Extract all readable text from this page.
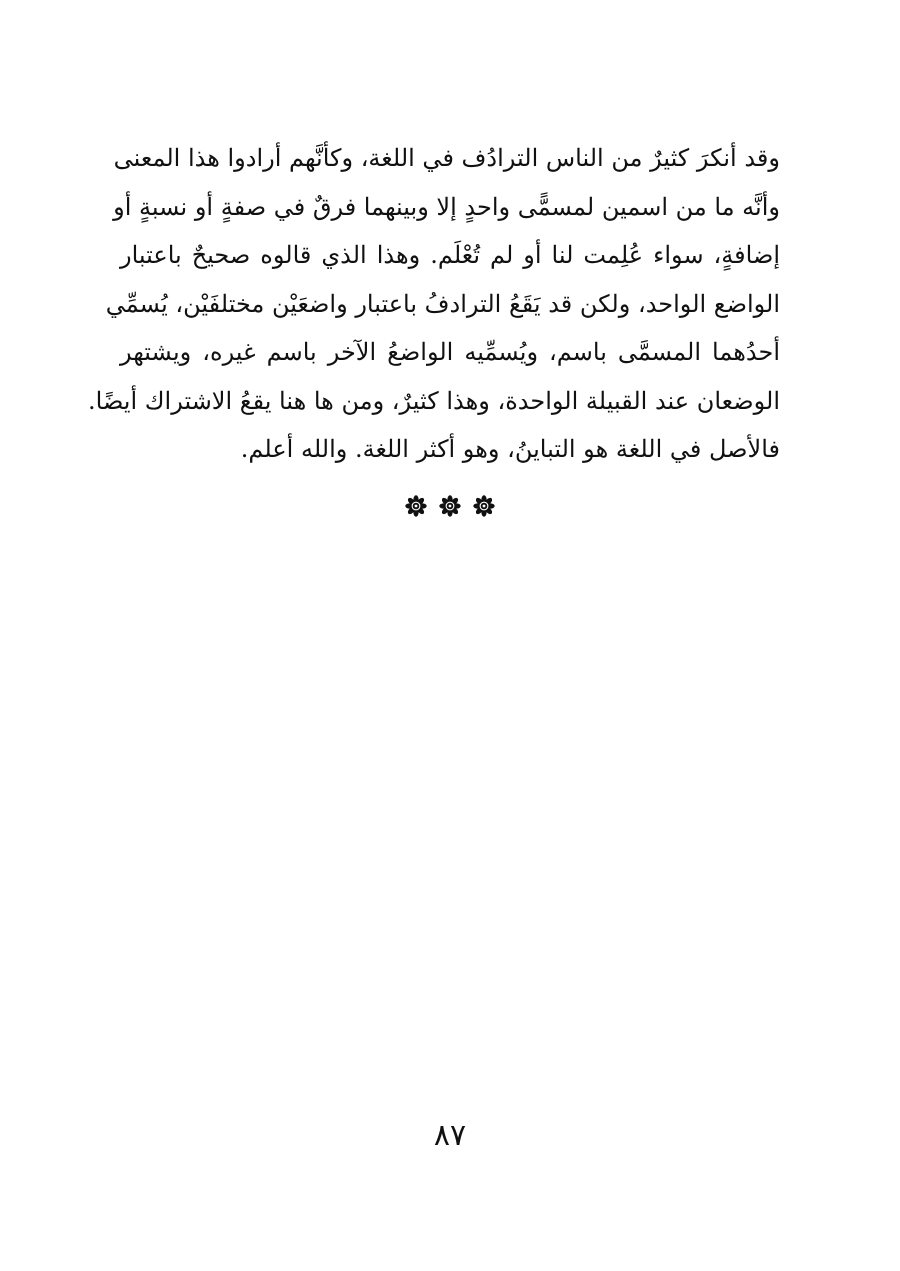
وقد أنكرَ كثيرٌ من الناس الترادُف في اللغة، وكأنَّهم أرادوا هذا المعنى
وأنَّه ما من اسمين لمسمًّى واحدٍ إلا وبينهما فرقٌ في صفةٍ أو نسبةٍ أو
إضافةٍ، سواء عُلِمت لنا أو لم تُعْلَم. وهذا الذي قالوه صحيحٌ باعتبار
الواضع الواحد، ولكن قد يَقَعُ الترادفُ باعتبار واضعَيْن مختلفَيْن، يُسمِّي
أحدُهما المسمَّى باسم، ويُسمِّيه الواضعُ الآخر باسم غيره، ويشتهر
الوضعان عند القبيلة الواحدة، وهذا كثيرٌ، ومن ها هنا يقعُ الاشتراك أيضًا.
فالأصل في اللغة هو التباينُ، وهو أكثر اللغة. والله أعلم.
٨٧
